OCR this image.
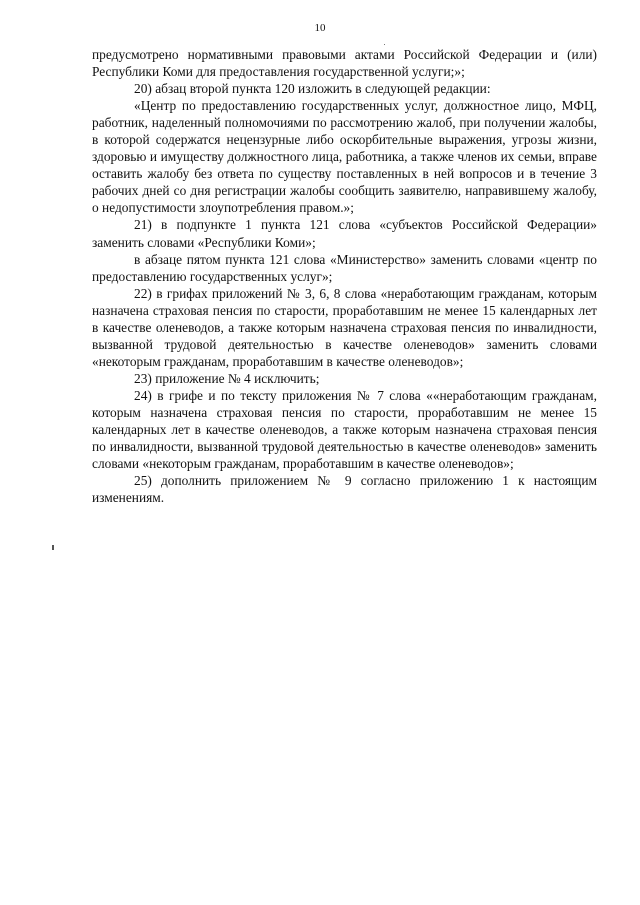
10

предусмотрено нормативными правовыми актами Российской Федерации и (или) Республики Коми для предоставления государственной услуги;»;

20) абзац второй пункта 120 изложить в следующей редакции:

«Центр по предоставлению государственных услуг, должностное лицо, МФЦ, работник, наделенный полномочиями по рассмотрению жалоб, при получении жалобы, в которой содержатся нецензурные либо оскорбительные выражения, угрозы жизни, здоровью и имуществу должностного лица, работника, а также членов их семьи, вправе оставить жалобу без ответа по существу поставленных в ней вопросов и в течение 3 рабочих дней со дня регистрации жалобы сообщить заявителю, направившему жалобу, о недопустимости злоупотребления правом.»;

21) в подпункте 1 пункта 121 слова «субъектов Российской Федерации» заменить словами «Республики Коми»;

в абзаце пятом пункта 121 слова «Министерство» заменить словами «центр по предоставлению государственных услуг»;

22) в грифах приложений № 3, 6, 8 слова «неработающим гражданам, которым назначена страховая пенсия по старости, проработавшим не менее 15 календарных лет в качестве оленеводов, а также которым назначена страховая пенсия по инвалидности, вызванной трудовой деятельностью в качестве оленеводов» заменить словами «некоторым гражданам, проработавшим в качестве оленеводов»;

23) приложение № 4 исключить;

24) в грифе и по тексту приложения № 7 слова ««неработающим гражданам, которым назначена страховая пенсия по старости, проработавшим не менее 15 календарных лет в качестве оленеводов, а также которым назначена страховая пенсия по инвалидности, вызванной трудовой деятельностью в качестве оленеводов» заменить словами «некоторым гражданам, проработавшим в качестве оленеводов»;

25) дополнить приложением № 9 согласно приложению 1 к настоящим изменениям.
